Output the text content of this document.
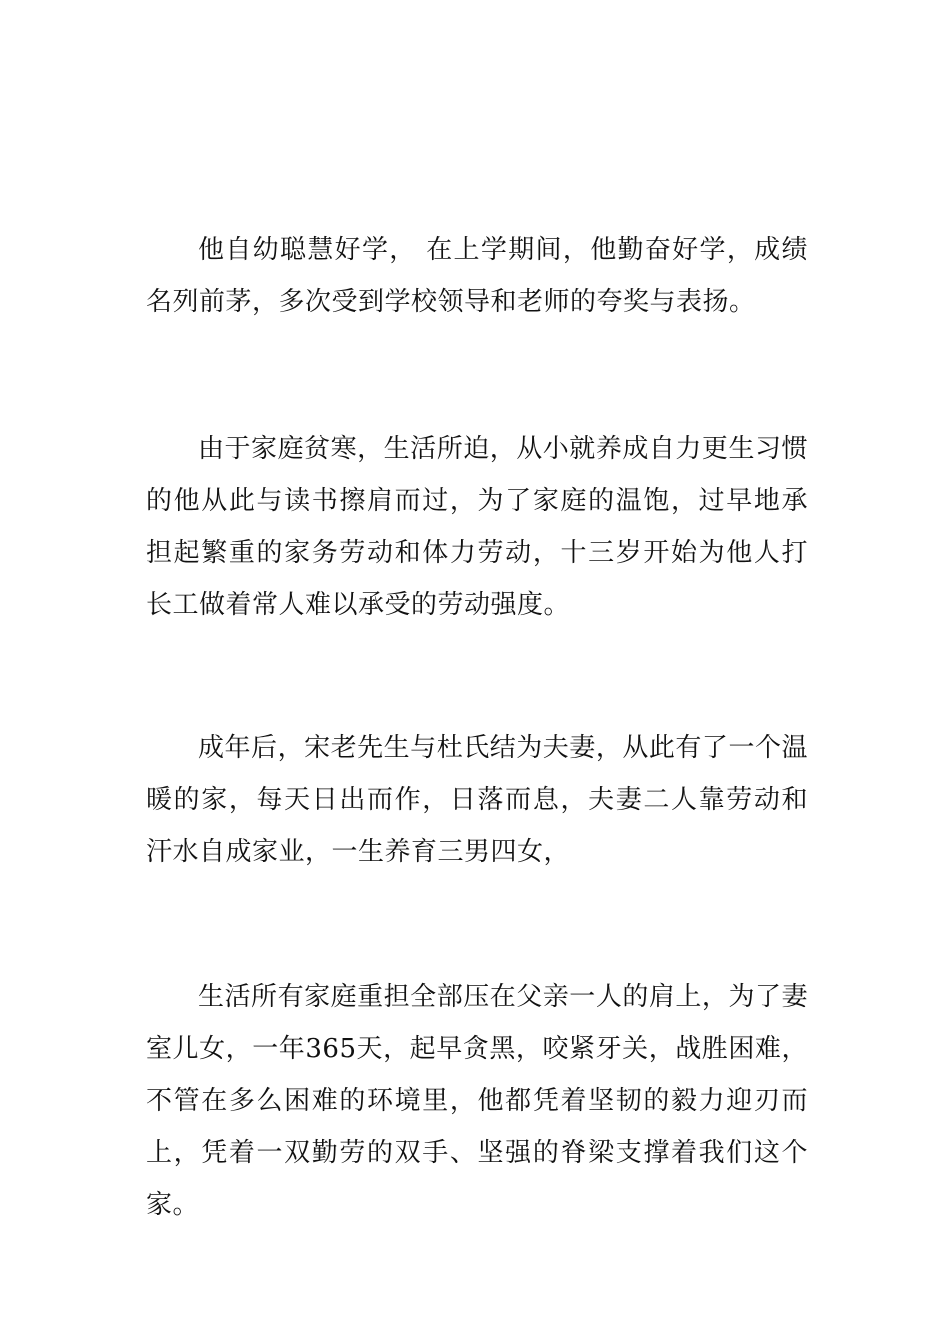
他自幼聪慧好学， 在上学期间，他勤奋好学，成绩名列前茅，多次受到学校领导和老师的夸奖与表扬。

由于家庭贫寒，生活所迫，从小就养成自力更生习惯的他从此与读书擦肩而过，为了家庭的温饱，过早地承担起繁重的家务劳动和体力劳动，十三岁开始为他人打长工做着常人难以承受的劳动强度。

成年后，宋老先生与杜氏结为夫妻，从此有了一个温暖的家，每天日出而作，日落而息，夫妻二人靠劳动和汗水自成家业，一生养育三男四女，

生活所有家庭重担全部压在父亲一人的肩上，为了妻室儿女，一年365天，起早贪黑，咬紧牙关，战胜困难，不管在多么困难的环境里，他都凭着坚韧的毅力迎刃而上，凭着一双勤劳的双手、坚强的脊梁支撑着我们这个家。
